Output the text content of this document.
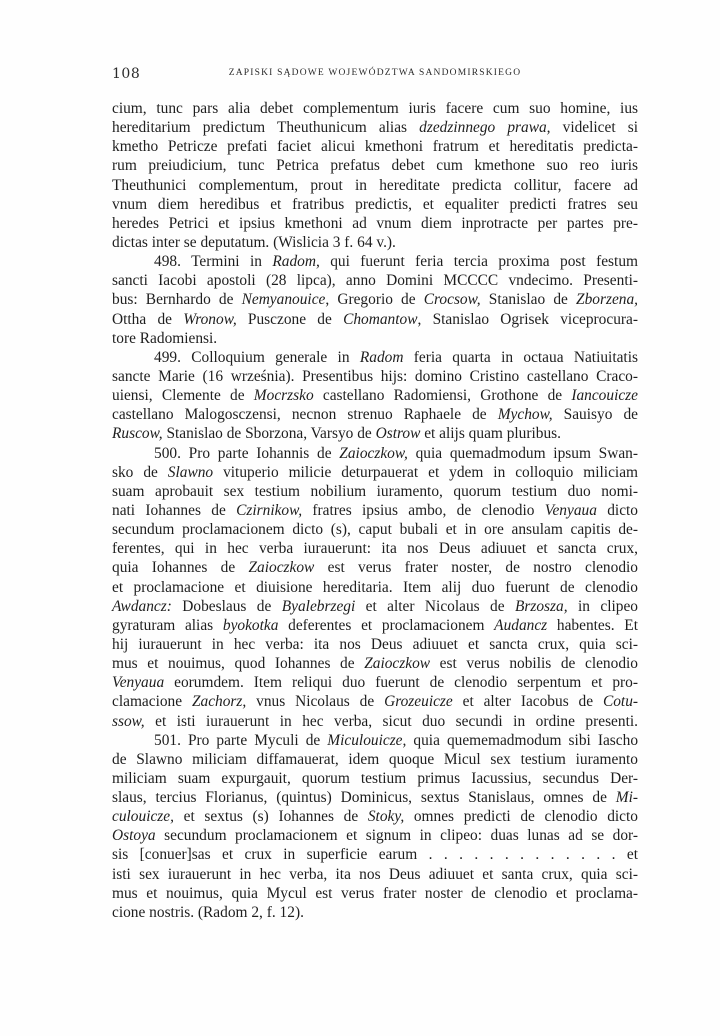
108	ZAPISKI SĄDOWE WOJEWÓDZTWA SANDOMIRSKIEGO
cium, tunc pars alia debet complementum iuris facere cum suo homine, ius
hereditarium predictum Theuthunicum alias dzedzinnego prawa, videlicet si
kmetho Petricze prefati faciet alicui kmethoni fratrum et hereditatis predicta-
rum preiudicium, tunc Petrica prefatus debet cum kmethone suo reo iuris
Theuthunici complementum, prout in hereditate predicta collitur, facere ad
vnum diem heredibus et fratribus predictis, et equaliter predicti fratres seu
heredes Petrici et ipsius kmethoni ad vnum diem inprotracte per partes pre-
dictas inter se deputatum. (Wislicia 3 f. 64 v.).
498. Termini in Radom, qui fuerunt feria tercia proxima post festum
sancti Iacobi apostoli (28 lipca), anno Domini MCCCC vndecimo. Presenti-
bus: Bernhardo de Nemyanouice, Gregorio de Crocsow, Stanislao de Zborzena,
Ottha de Wronow, Pusczone de Chomantow, Stanislao Ogrisek viceprocura-
tore Radomiensi.
499. Colloquium generale in Radom feria quarta in octaua Natiuitatis
sancte Marie (16 września). Presentibus hijs: domino Cristino castellano Craco-
uiensi, Clemente de Mocrzsko castellano Radomiensi, Grothone de Iancouicze
castellano Malogosczensi, necnon strenuo Raphaele de Mychow, Sauisyo de
Ruscow, Stanislao de Sborzona, Varsyo de Ostrow et alijs quam pluribus.
500. Pro parte Iohannis de Zaioczkow, quia quemadmodum ipsum Swan-
sko de Slawno vituperio milicie deturpauerat et ydem in colloquio miliciam
suam aprobauit sex testium nobilium iuramento, quorum testium duo nomi-
nati Iohannes de Czirnikow, fratres ipsius ambo, de clenodio Venyaua dicto
secundum proclamacionem dicto (s), caput bubali et in ore ansulam capitis de-
ferentes, qui in hec verba iurauerunt: ita nos Deus adiuuet et sancta crux,
quia Iohannes de Zaioczkow est verus frater noster, de nostro clenodio
et proclamacione et diuisione hereditaria. Item alij duo fuerunt de clenodio
Awdancz: Dobeslaus de Byalebrzegi et alter Nicolaus de Brzosza, in clipeo
gyraturam alias byokotka deferentes et proclamacionem Audancz habentes. Et
hij iurauerunt in hec verba: ita nos Deus adiuuet et sancta crux, quia sci-
mus et nouimus, quod Iohannes de Zaioczkow est verus nobilis de clenodio
Venyaua eorumdem. Item reliqui duo fuerunt de clenodio serpentum et pro-
clamacione Zachorz, vnus Nicolaus de Grozeuicze et alter Iacobus de Cotu-
ssow, et isti iurauerunt in hec verba, sicut duo secundi in ordine presenti.
501. Pro parte Myculi de Miculouicze, quia quememadmodum sibi Iascho
de Slawno miliciam diffamauerat, idem quoque Micul sex testium iuramento
miliciam suam expurgauit, quorum testium primus Iacussius, secundus Der-
slaus, tercius Florianus, (quintus) Dominicus, sextus Stanislaus, omnes de Mi-
culouicze, et sextus (s) Iohannes de Stoky, omnes predicti de clenodio dicto
Ostoya secundum proclamacionem et signum in clipeo: duas lunas ad se dor-
sis [conuer]sas et crux in superficie earum . . . . . . . . . . . . . et
isti sex iurauerunt in hec verba, ita nos Deus adiuuet et santa crux, quia sci-
mus et nouimus, quia Mycul est verus frater noster de clenodio et proclama-
cione nostris. (Radom 2, f. 12).
